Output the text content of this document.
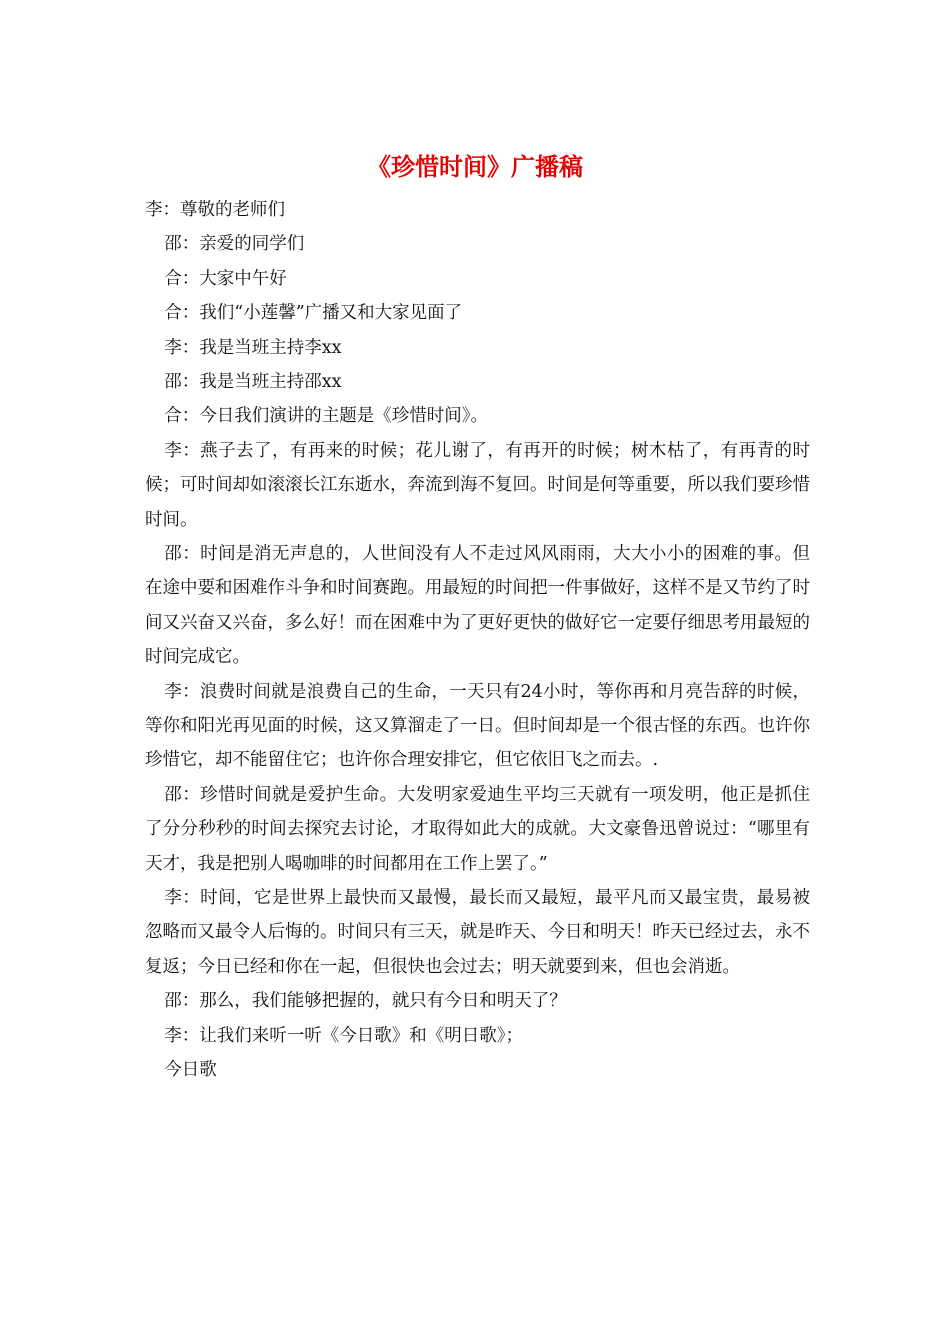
《珍惜时间》广播稿
李：尊敬的老师们
邵：亲爱的同学们
合：大家中午好
合：我们“小莲馨”广播又和大家见面了
李：我是当班主持李xx
邵：我是当班主持邵xx
合：今日我们演讲的主题是《珍惜时间》。

李：燕子去了，有再来的时候；花儿谢了，有再开的时候；树木枯了，有再青的时候；可时间却如滚滚长江东逝水，奔流到海不复回。时间是何等重要，所以我们要珍惜时间。

邵：时间是消无声息的，人世间没有人不走过风风雨雨，大大小小的困难的事。但在途中要和困难作斗争和时间赛跑。用最短的时间把一件事做好，这样不是又节约了时间又兴奋又兴奋，多么好！而在困难中为了更好更快的做好它一定要仔细思考用最短的时间完成它。

李：浪费时间就是浪费自己的生命，一天只有24小时，等你再和月亮告辞的时候，等你和阳光再见面的时候，这又算溜走了一日。但时间却是一个很古怪的东西。也许你珍惜它，却不能留住它；也许你合理安排它，但它依旧飞之而去。.

邵：珍惜时间就是爱护生命。大发明家爱迪生平均三天就有一项发明，他正是抓住了分分秒秒的时间去探究去讨论，才取得如此大的成就。大文豪鲁迅曾说过：“哪里有天才，我是把别人喝咖啡的时间都用在工作上罢了。”

李：时间，它是世界上最快而又最慢，最长而又最短，最平凡而又最宝贵，最易被忽略而又最令人后悔的。时间只有三天，就是昨天、今日和明天！昨天已经过去，永不复返；今日已经和你在一起，但很快也会过去；明天就要到来，但也会消逝。

邵：那么，我们能够把握的，就只有今日和明天了？

李：让我们来听一听《今日歌》和《明日歌》；

今日歌
